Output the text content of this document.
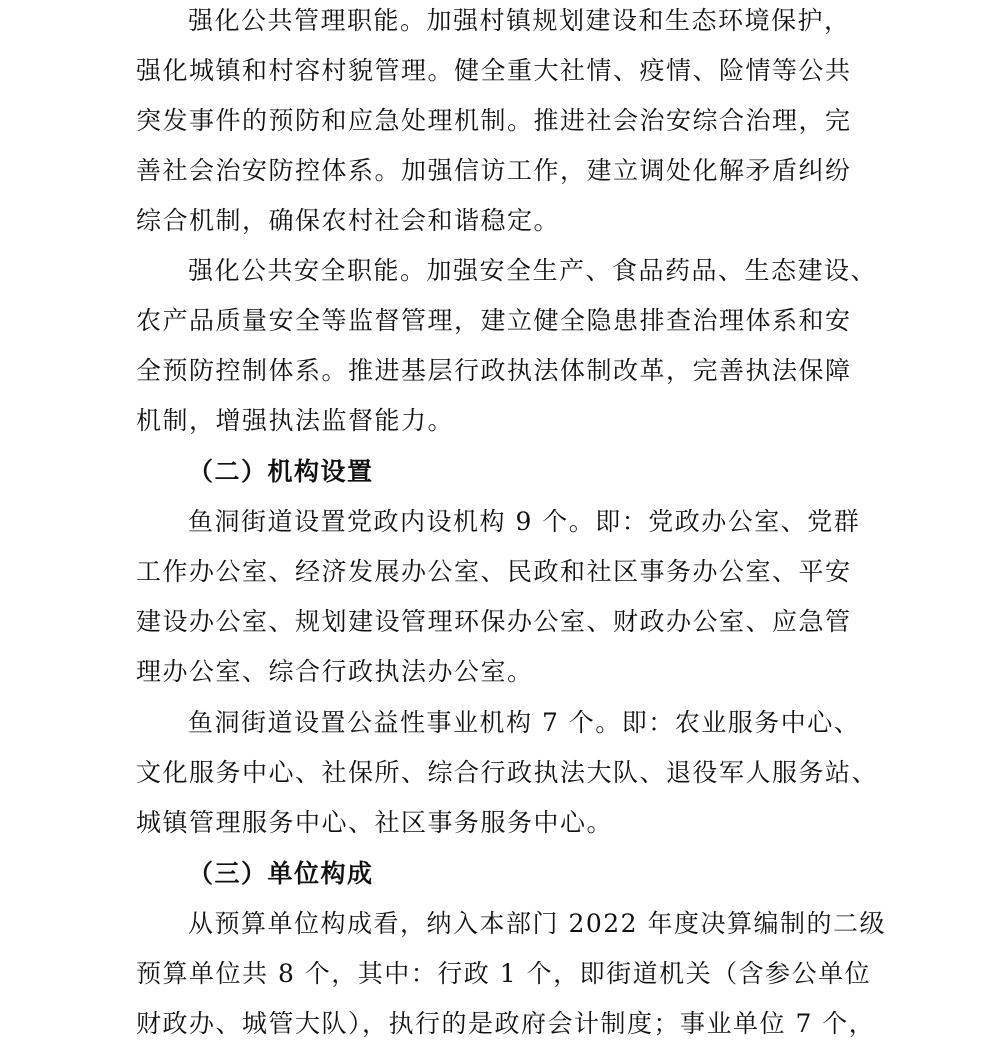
强化公共管理职能。加强村镇规划建设和生态环境保护，
强化城镇和村容村貌管理。健全重大社情、疫情、险情等公共
突发事件的预防和应急处理机制。推进社会治安综合治理，完
善社会治安防控体系。加强信访工作，建立调处化解矛盾纠纷
综合机制，确保农村社会和谐稳定。
强化公共安全职能。加强安全生产、食品药品、生态建设、
农产品质量安全等监督管理，建立健全隐患排查治理体系和安
全预防控制体系。推进基层行政执法体制改革，完善执法保障
机制，增强执法监督能力。
（二）机构设置
鱼洞街道设置党政内设机构 9 个。即：党政办公室、党群
工作办公室、经济发展办公室、民政和社区事务办公室、平安
建设办公室、规划建设管理环保办公室、财政办公室、应急管
理办公室、综合行政执法办公室。
鱼洞街道设置公益性事业机构 7 个。即：农业服务中心、
文化服务中心、社保所、综合行政执法大队、退役军人服务站、
城镇管理服务中心、社区事务服务中心。
（三）单位构成
从预算单位构成看，纳入本部门 2022 年度决算编制的二级
预算单位共 8 个，其中：行政 1 个，即街道机关（含参公单位
财政办、城管大队），执行的是政府会计制度；事业单位 7 个，
